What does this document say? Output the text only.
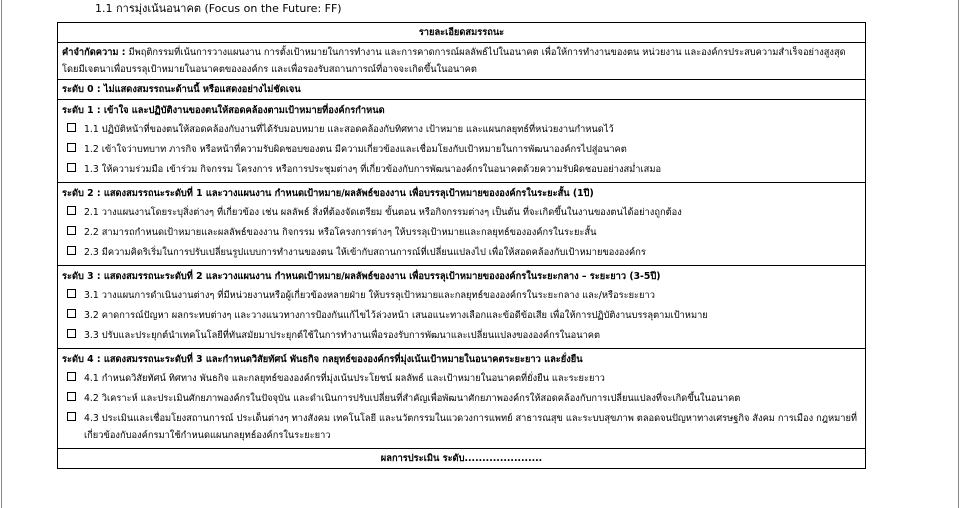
1.1 การมุ่งเน้นอนาคต (Focus on the Future: FF)
รายละเอียดสมรรถนะ
คำจำกัดความ : มีพฤติกรรมที่เน้นการวางแผนงาน การตั้งเป้าหมายในการทำงาน และการคาดการณ์ผลลัพธ์ไปในอนาคต เพื่อให้การทำงานของตน หน่วยงาน และองค์กรประสบความสำเร็จอย่างสูงสุด โดยมีเจตนาเพื่อบรรลุเป้าหมายในอนาคตขององค์กร และเพื่อรองรับสถานการณ์ที่อาจจะเกิดขึ้นในอนาคต
ระดับ 0 : ไม่แสดงสมรรถนะด้านนี้ หรือแสดงอย่างไม่ชัดเจน

ระดับ 1 : เข้าใจ และปฏิบัติงานของตนให้สอดคล้องตามเป้าหมายที่องค์กรกำหนด
1.1 ปฏิบัติหน้าที่ของตนให้สอดคล้องกับงานที่ได้รับมอบหมาย และสอดคล้องกับทิศทาง เป้าหมาย และแผนกลยุทธ์ที่หน่วยงานกำหนดไว้
1.2 เข้าใจว่าบทบาท ภารกิจ หรือหน้าที่ความรับผิดชอบของตน มีความเกี่ยวข้องและเชื่อมโยงกับเป้าหมายในการพัฒนาองค์กรไปสู่อนาคต
1.3 ให้ความร่วมมือ เข้าร่วม กิจกรรม โครงการ หรือการประชุมต่างๆ ที่เกี่ยวข้องกับการพัฒนาองค์กรในอนาคตด้วยความรับผิดชอบอย่างสม่ำเสมอ

ระดับ 2 : แสดงสมรรถนะระดับที่ 1 และวางแผนงาน กำหนดเป้าหมาย/ผลลัพธ์ของงาน เพื่อบรรลุเป้าหมายขององค์กรในระยะสั้น (1ปี)
2.1 วางแผนงานโดยระบุสิ่งต่างๆ ที่เกี่ยวข้อง เช่น ผลลัพธ์ สิ่งที่ต้องจัดเตรียม ขั้นตอน หรือกิจกรรมต่างๆ เป็นต้น ที่จะเกิดขึ้นในงานของตนได้อย่างถูกต้อง
2.2 สามารถกำหนดเป้าหมายและผลลัพธ์ของงาน กิจกรรม หรือโครงการต่างๆ ให้บรรลุเป้าหมายและกลยุทธ์ขององค์กรในระยะสั้น
2.3 มีความคิดริเริ่มในการปรับเปลี่ยนรูปแบบการทำงานของตน ให้เข้ากับสถานการณ์ที่เปลี่ยนแปลงไป เพื่อให้สอดคล้องกับเป้าหมายขององค์กร

ระดับ 3 : แสดงสมรรถนะระดับที่ 2 และวางแผนงาน กำหนดเป้าหมาย/ผลลัพธ์ของงาน เพื่อบรรลุเป้าหมายขององค์กรในระยะกลาง – ระยะยาว (3-5ปี)
3.1 วางแผนการดำเนินงานต่างๆ ที่มีหน่วยงานหรือผู้เกี่ยวข้องหลายฝ่าย ให้บรรลุเป้าหมายและกลยุทธ์ขององค์กรในระยะกลาง และ/หรือระยะยาว
3.2 คาดการณ์ปัญหา ผลกระทบต่างๆ และวางแนวทางการป้องกันแก้ไขไว้ล่วงหน้า เสนอแนะทางเลือกและข้อดีข้อเสีย เพื่อให้การปฏิบัติงานบรรลุตามเป้าหมาย
3.3 ปรับและประยุกต์นำเทคโนโลยีที่ทันสมัยมาประยุกต์ใช้ในการทำงานเพื่อรองรับการพัฒนาและเปลี่ยนแปลงขององค์กรในอนาคต

ระดับ 4 : แสดงสมรรถนะระดับที่ 3 และกำหนดวิสัยทัศน์ พันธกิจ กลยุทธ์ขององค์กรที่มุ่งเน้นเป้าหมายในอนาคตระยะยาว และยั่งยืน
4.1 กำหนดวิสัยทัศน์ ทิศทาง พันธกิจ และกลยุทธ์ขององค์กรที่มุ่งเน้นประโยชน์ ผลลัพธ์ และเป้าหมายในอนาคตที่ยั่งยืน และระยะยาว
4.2 วิเคราะห์ และประเมินศักยภาพองค์กรในปัจจุบัน และดำเนินการปรับเปลี่ยนที่สำคัญเพื่อพัฒนาศักยภาพองค์กรให้สอดคล้องกับการเปลี่ยนแปลงที่จะเกิดขึ้นในอนาคต
4.3 ประเมินและเชื่อมโยงสถานการณ์ ประเด็นต่างๆ ทางสังคม เทคโนโลยี และนวัตกรรมในแวดวงการแพทย์ สาธารณสุข และระบบสุขภาพ ตลอดจนปัญหาทางเศรษฐกิจ สังคม การเมือง กฎหมายที่เกี่ยวข้องกับองค์กรมาใช้กำหนดแผนกลยุทธ์องค์กรในระยะยาว

ผลการประเมิน ระดับ......................
